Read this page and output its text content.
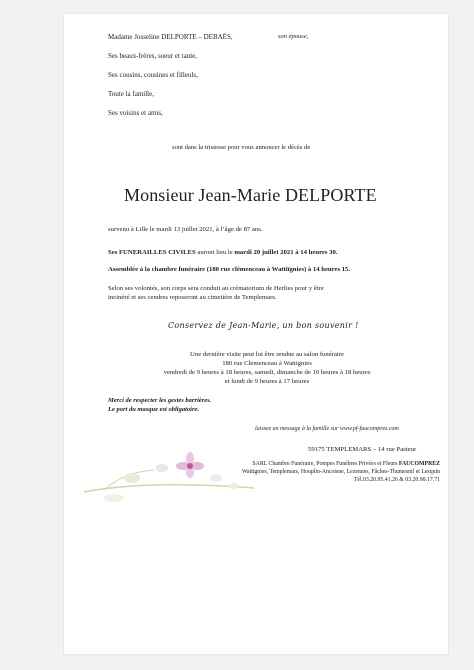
Madame Josseline DELPORTE – DEBAËS,	son épouse,
Ses beaux-frères, soeur et tante,
Ses cousins, cousines et filleuls,
Toute la famille,
Ses voisins et amis,
sont dans la tristesse pour vous annoncer le décès de
Monsieur Jean-Marie DELPORTE
survenu à Lille le mardi 13 juillet 2021, à l’âge de 87 ans.
Ses FUNERAILLES CIVILES auront lieu le mardi 20 juillet 2021 à 14 heures 30.
Assemblée à la chambre funéraire (180 rue clémenceau à Wattiïgnies) à 14 heures 15.
Selon ses volontés, son corps sera conduit au crématorium de Herlies pour y être
incinéré et ses cendres reposeront au cimetière de Templemars.
Conservez de Jean-Marie, un bon souvenir !
Une dernière visite peut lui être rendue au salon funéraire
180 rue Clemenceau à Wattignies
vendredi de 9 heures à 18 heures, samedi, dimanche de 10 heures à 18 heures
et lundi de 9 heures à 17 heures
Merci de respecter les gestes barrières.
Le port du masque est obligatoire.
laissez un message à la famille sur www.pf-faucomprez.com
59175 TEMPLEMARS – 14 rue Pasteur
SARL Chambre Funéraire, Pompes Funèbres Privées et Fleurs FAUCOMPREZ
Wattignies, Templemars, Houplin-Ancoisne, Lezennes, Fâches-Thumesnil et Lesquin
Tél.03.20.95.41.26 & 03.20.90.17.71
